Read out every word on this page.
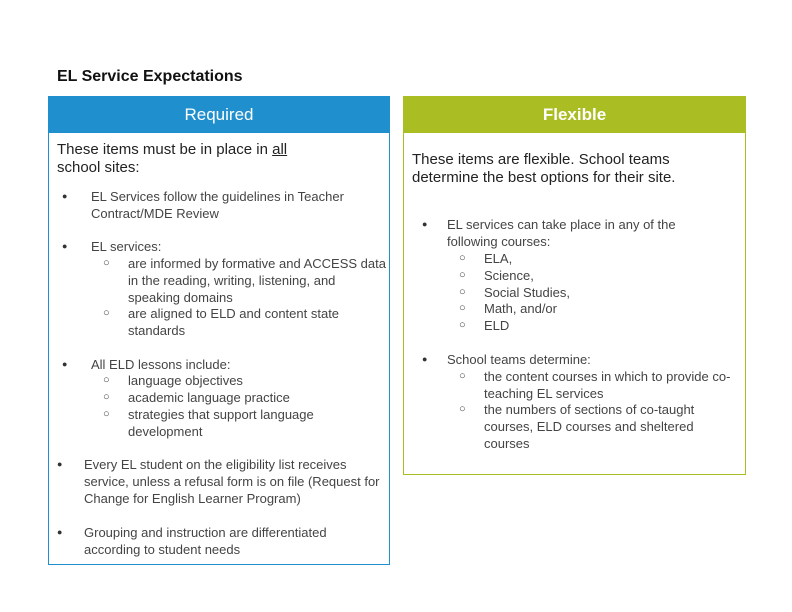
EL Service Expectations
Required
These items must be in place in all
school sites:
● EL Services follow the guidelines in Teacher Contract/MDE Review
● EL services:
○ are informed by formative and ACCESS data in the reading, writing, listening, and speaking domains
○ are aligned to ELD and content state standards
● All ELD lessons include:
○ language objectives
○ academic language practice
○ strategies that support language development
● Every EL student on the eligibility list receives service, unless a refusal form is on file (Request for Change for English Learner Program)
● Grouping and instruction are differentiated according to student needs
Flexible
These items are flexible. School teams determine the best options for their site.
● EL services can take place in any of the following courses:
○ ELA,
○ Science,
○ Social Studies,
○ Math, and/or
○ ELD
● School teams determine:
○ the content courses in which to provide co-teaching EL services
○ the numbers of sections of co-taught courses, ELD courses and sheltered courses
